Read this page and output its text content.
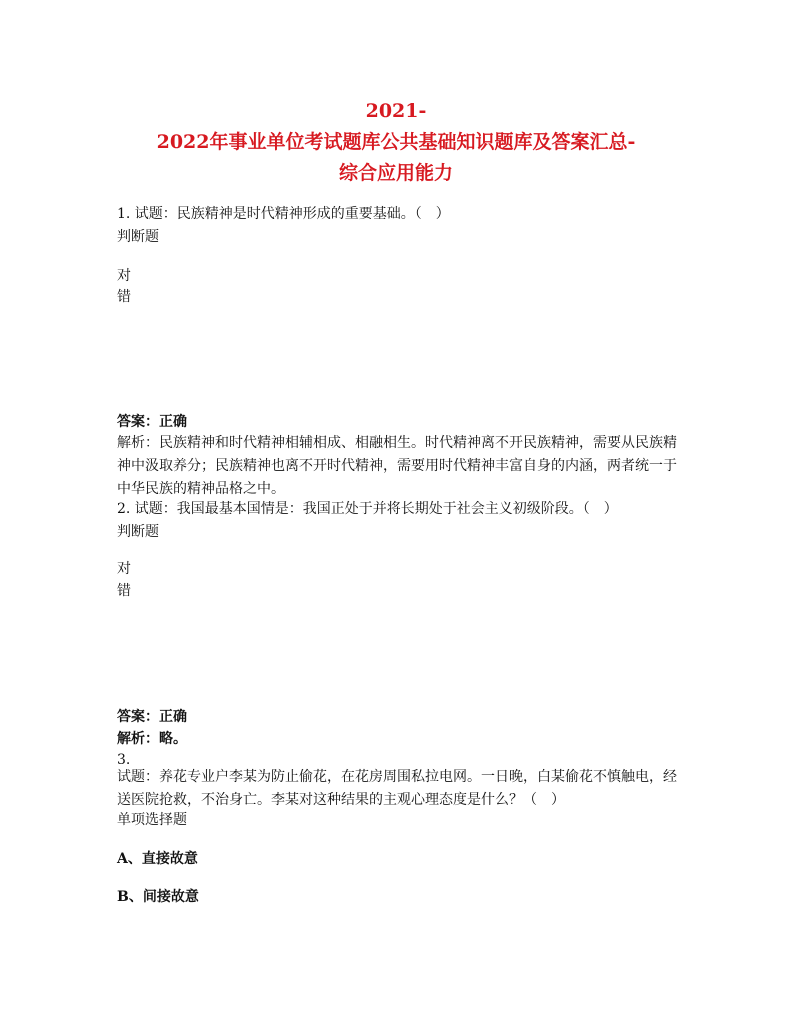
2021-
2022年事业单位考试题库公共基础知识题库及答案汇总-
综合应用能力
1. 试题：民族精神是时代精神形成的重要基础。（　）
判断题
对
错
答案：正确
解析：民族精神和时代精神相辅相成、相融相生。时代精神离不开民族精神，需要从民族精神中汲取养分；民族精神也离不开时代精神，需要用时代精神丰富自身的内涵，两者统一于中华民族的精神品格之中。
2. 试题：我国最基本国情是：我国正处于并将长期处于社会主义初级阶段。（　）
判断题
对
错
答案：正确
解析：略。
3.
试题：养花专业户李某为防止偷花，在花房周围私拉电网。一日晚，白某偷花不慎触电，经送医院抢救，不治身亡。李某对这种结果的主观心理态度是什么？（　）
单项选择题
A、直接故意
B、间接故意
